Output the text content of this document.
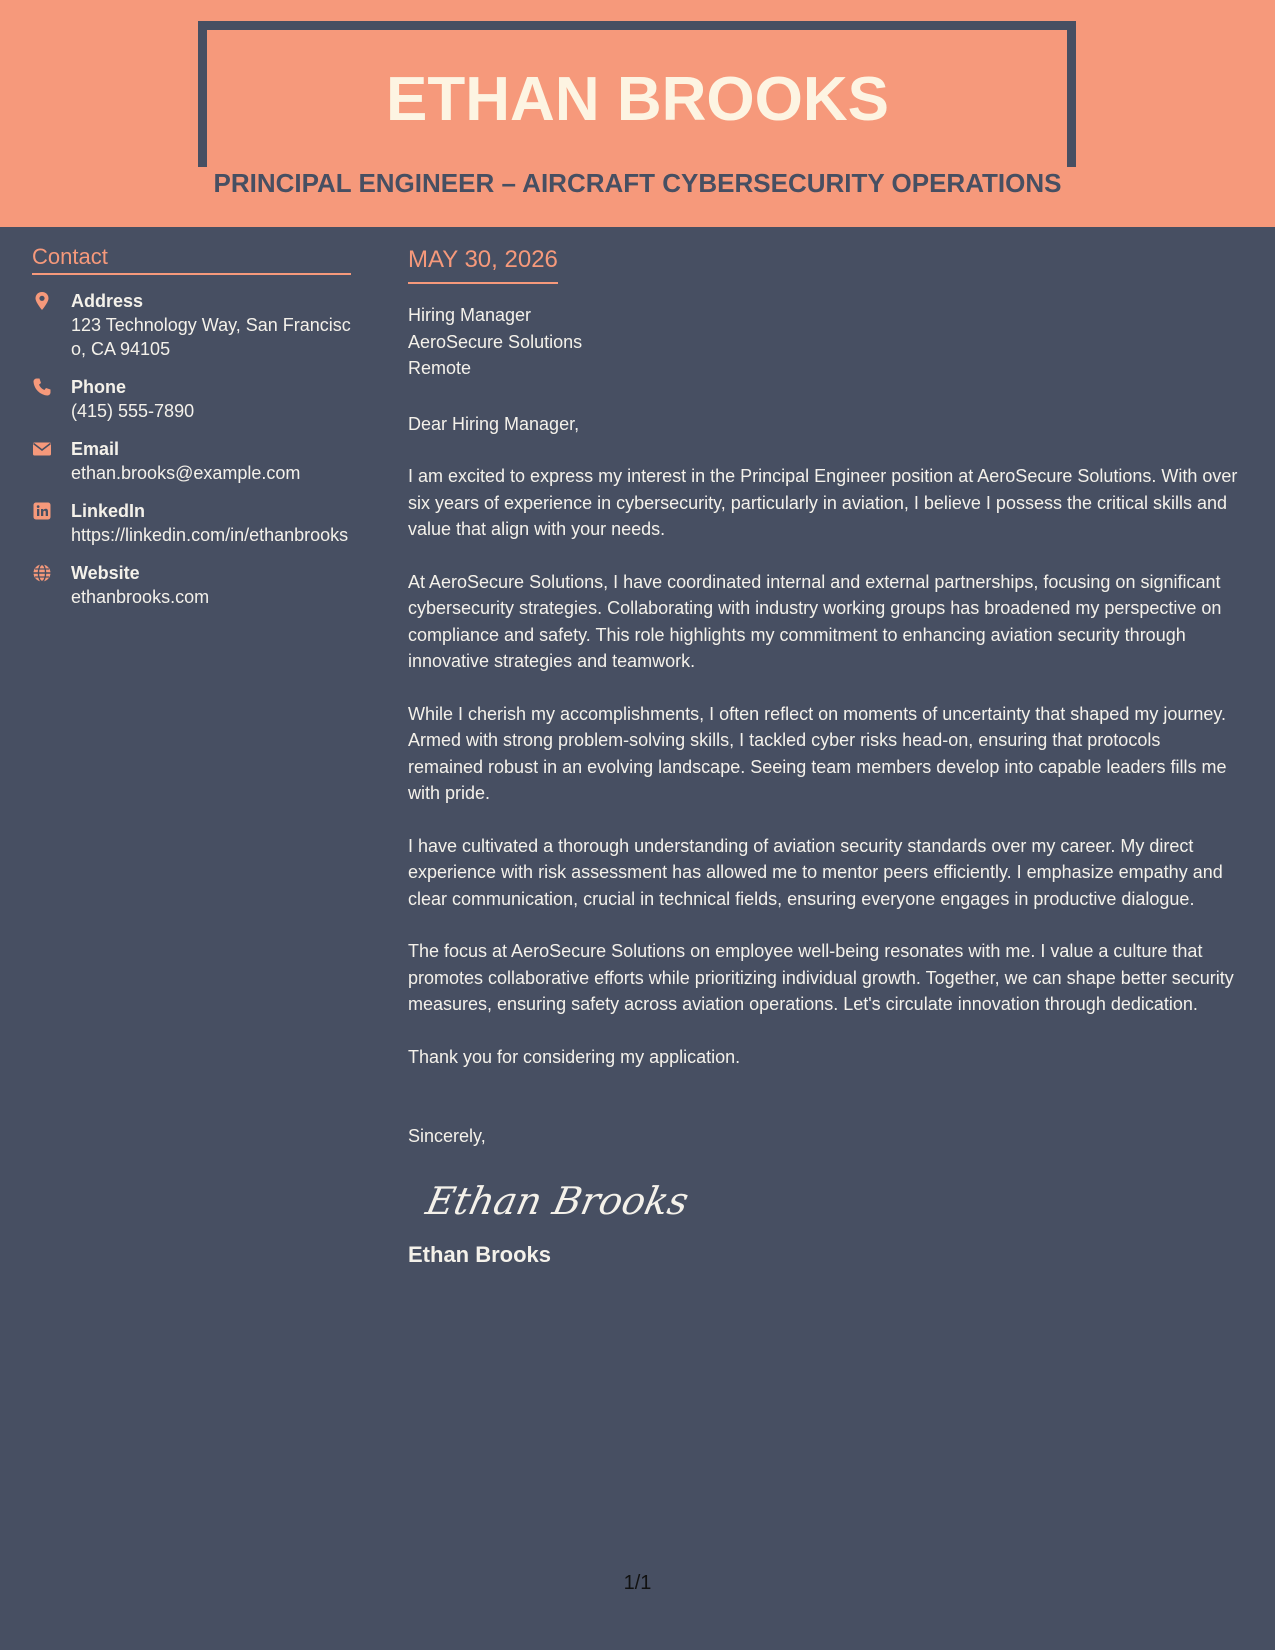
ETHAN BROOKS
PRINCIPAL ENGINEER – AIRCRAFT CYBERSECURITY OPERATIONS
Contact
Address
123 Technology Way, San Francisco, CA 94105
Phone
(415) 555-7890
Email
ethan.brooks@example.com
LinkedIn
https://linkedin.com/in/ethanbrooks
Website
ethanbrooks.com
MAY 30, 2026
Hiring Manager
AeroSecure Solutions
Remote
Dear Hiring Manager,
I am excited to express my interest in the Principal Engineer position at AeroSecure Solutions. With over six years of experience in cybersecurity, particularly in aviation, I believe I possess the critical skills and value that align with your needs.
At AeroSecure Solutions, I have coordinated internal and external partnerships, focusing on significant cybersecurity strategies. Collaborating with industry working groups has broadened my perspective on compliance and safety. This role highlights my commitment to enhancing aviation security through innovative strategies and teamwork.
While I cherish my accomplishments, I often reflect on moments of uncertainty that shaped my journey. Armed with strong problem-solving skills, I tackled cyber risks head-on, ensuring that protocols remained robust in an evolving landscape. Seeing team members develop into capable leaders fills me with pride.
I have cultivated a thorough understanding of aviation security standards over my career. My direct experience with risk assessment has allowed me to mentor peers efficiently. I emphasize empathy and clear communication, crucial in technical fields, ensuring everyone engages in productive dialogue.
The focus at AeroSecure Solutions on employee well-being resonates with me. I value a culture that promotes collaborative efforts while prioritizing individual growth. Together, we can shape better security measures, ensuring safety across aviation operations. Let's circulate innovation through dedication.
Thank you for considering my application.
Sincerely,
Ethan Brooks
Ethan Brooks
1/1
